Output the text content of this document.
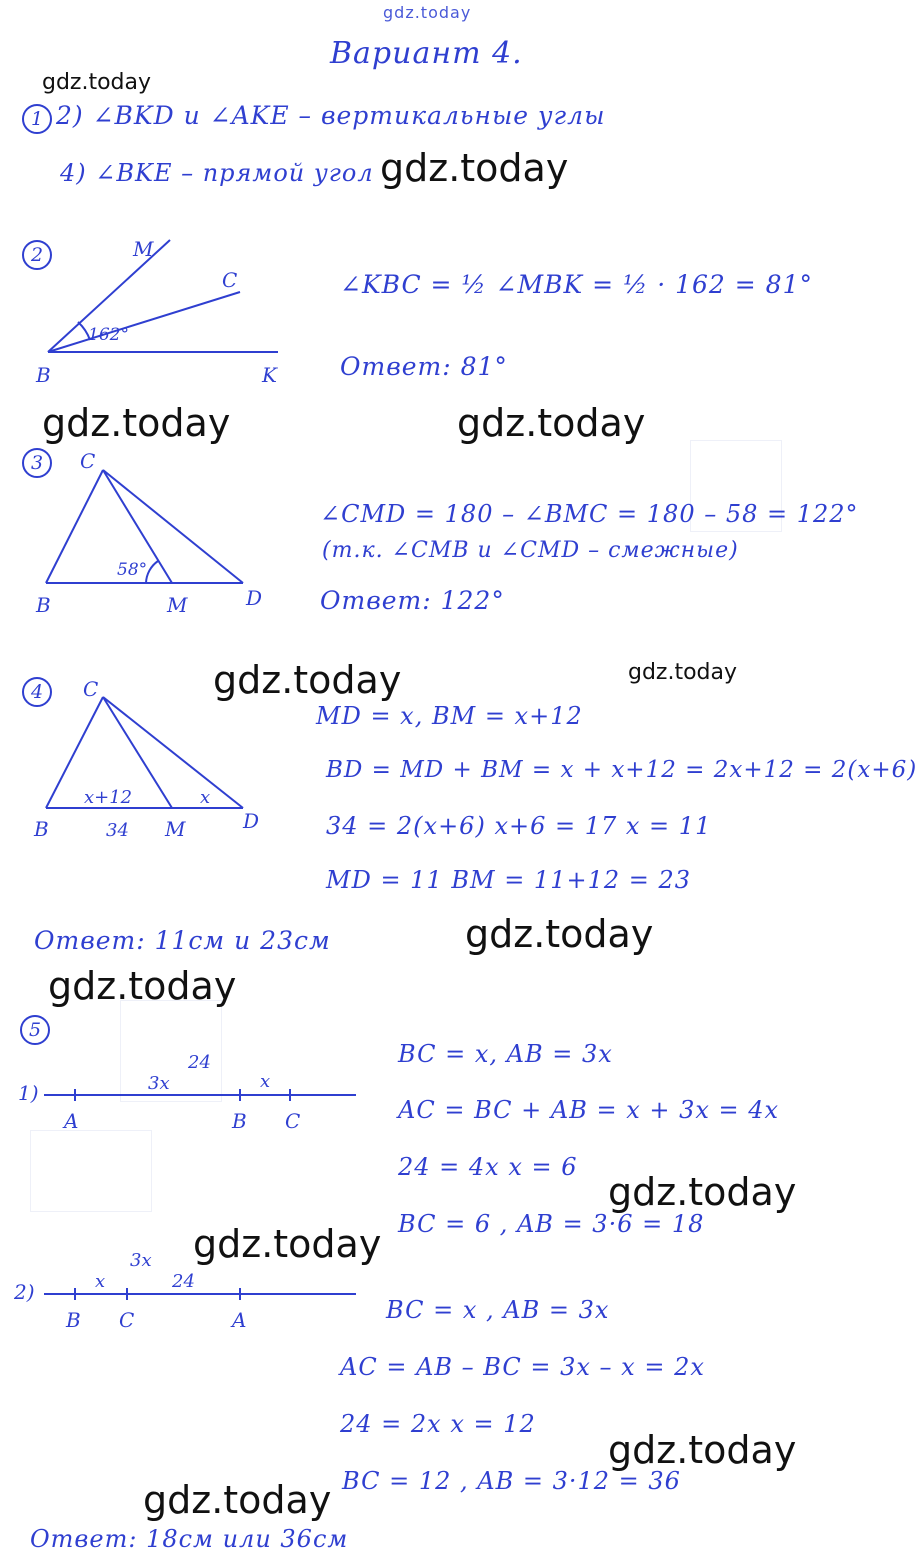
gdz.today
Вариант 4.
gdz.today
1 2) ∠BKD и ∠AKE – вертикальные углы
4) ∠BKE – прямой угол gdz.today
2	M
C
B	K
162°
∠KBC = ½ ∠MBK = ½ · 162 = 81°
Ответ: 81°
gdz.today	gdz.today
3	C
B	M	D
58°
∠CMD = 180 – ∠BMC = 180 – 58 = 122°
(т.к. ∠CMB и ∠CMD – смежные)
Ответ: 122°
4	gdz.today	gdz.today
C
B	M	D
x+12	x
34
MD = x, BM = x+12
BD = MD + BM = x + x+12 = 2x+12 = 2(x+6)
34 = 2(x+6) x+6 = 17 x = 11
MD = 11 BM = 11+12 = 23
Ответ: 11см и 23см	gdz.today
gdz.today
5
1)
A	B C
3x
24
x
BC = x, AB = 3x
AC = BC + AB = x + 3x = 4x
24 = 4x x = 6
BC = 6 , AB = 3·6 = 18
gdz.today
gdz.today
2)
B C	A
x
3x
24
BC = x , AB = 3x
AC = AB – BC = 3x – x = 2x
24 = 2x x = 12
BC = 12 , AB = 3·12 = 36
gdz.today
gdz.today
Ответ: 18см или 36см
